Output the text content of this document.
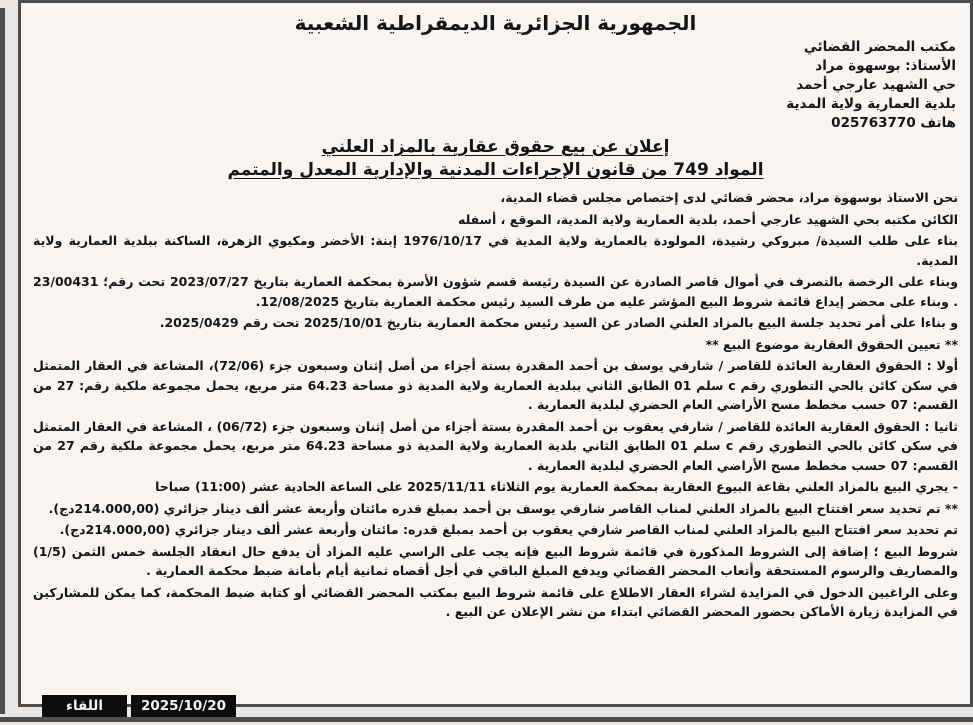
الجمهورية الجزائرية الديمقراطية الشعبية
مكتب المحضر القضائي
الأستاذ: بوسهوة مراد
حي الشهيد عارجي أحمد
بلدية العمارية ولاية المدية
هاتف 025763770
إعلان عن بيع حقوق عقارية بالمزاد العلني
المواد 749 من قانون الإجراءات المدنية والإدارية المعدل والمتمم

نحن الاستاذ بوسهوة مراد، محضر قضائي لدى إختصاص مجلس قضاء المدية،

الكائن مكتبه بحي الشهيد عارجي أحمد، بلدية العمارية ولاية المدية، الموقع ، أسفله

بناء على طلب السيدة/ مبروكي رشيدة، المولودة بالعمارية ولاية المدية في 1976/10/17 إبنة: الأخضر ومكيوي الزهرة، الساكنة ببلدية العمارية ولاية المدية.

وبناء على الرخصة بالتصرف في أموال قاصر الصادرة عن السيدة رئيسة قسم شؤون الأسرة بمحكمة العمارية بتاريخ 2023/07/27 تحت رقم؛ 23/00431 . وبناء على محضر إيداع قائمة شروط البيع المؤشر عليه من طرف السيد رئيس محكمة العمارية بتاريخ 12/08/2025.

و بناءا على أمر تحديد جلسة البيع بالمزاد العلني الصادر عن السيد رئيس محكمة العمارية بتاريخ 2025/10/01 تحت رقم 2025/0429.

** تعيين الحقوق العقارية موضوع البيع **

أولا : الحقوق العقارية العائدة للقاصر / شارفي يوسف بن أحمد المقدرة بستة أجزاء من أصل إثنان وسبعون جزء (72/06)، المشاعة في العقار المتمثل في سكن كائن بالحي التطوري رقم c سلم 01 الطابق الثاني ببلدية العمارية ولاية المدية ذو مساحة 64.23 متر مربع، يحمل مجموعة ملكية رقم: 27 من القسم: 07 حسب مخطط مسح الأراضي العام الحضري لبلدية العمارية .

ثانيا : الحقوق العقارية العائدة للقاصر / شارفي يعقوب بن أحمد المقدرة بستة أجزاء من أصل إثنان وسبعون جزء (06/72) ، المشاعة في العقار المتمثل في سكن كائن بالحي التطوري رقم c سلم 01 الطابق الثاني بلدية العمارية ولاية المدية ذو مساحة 64.23 متر مربع، يحمل مجموعة ملكية رقم 27 من القسم: 07 حسب مخطط مسح الأراضي العام الحضري لبلدية العمارية .

- يجري البيع بالمزاد العلني بقاعة البيوع العقارية بمحكمة العمارية يوم الثلاثاء 2025/11/11 على الساعة الحادية عشر (11:00) صباحا

** تم تحديد سعر افتتاح البيع بالمزاد العلني لمناب القاصر شارفي يوسف بن أحمد بمبلغ قدره مائتان وأربعة عشر ألف دينار جزائري (214.000,00دج).

تم تحديد سعر افتتاح البيع بالمزاد العلني لمناب القاصر شارفي يعقوب بن أحمد بمبلغ قدره: مائتان وأربعة عشر ألف دينار جزائري (214.000,00دج).

شروط البيع ؛ إضافة إلى الشروط المذكورة في قائمة شروط البيع فإنه يجب على الراسي عليه المزاد أن يدفع حال انعقاد الجلسة خمس الثمن (1/5) والمصاريف والرسوم المستحقة وأتعاب المحضر القضائي ويدفع المبلغ الباقي في أجل أقصاه ثمانية أيام بأمانة ضبط محكمة العمارية .

وعلى الراغبين الدخول في المزايدة لشراء العقار الاطلاع على قائمة شروط البيع بمكتب المحضر القضائي أو كتابة ضبط المحكمة، كما يمكن للمشاركين في المزايدة زيارة الأماكن بحضور المحضر القضائي ابتداء من نشر الإعلان عن البيع .

اللقاء	2025/10/20
